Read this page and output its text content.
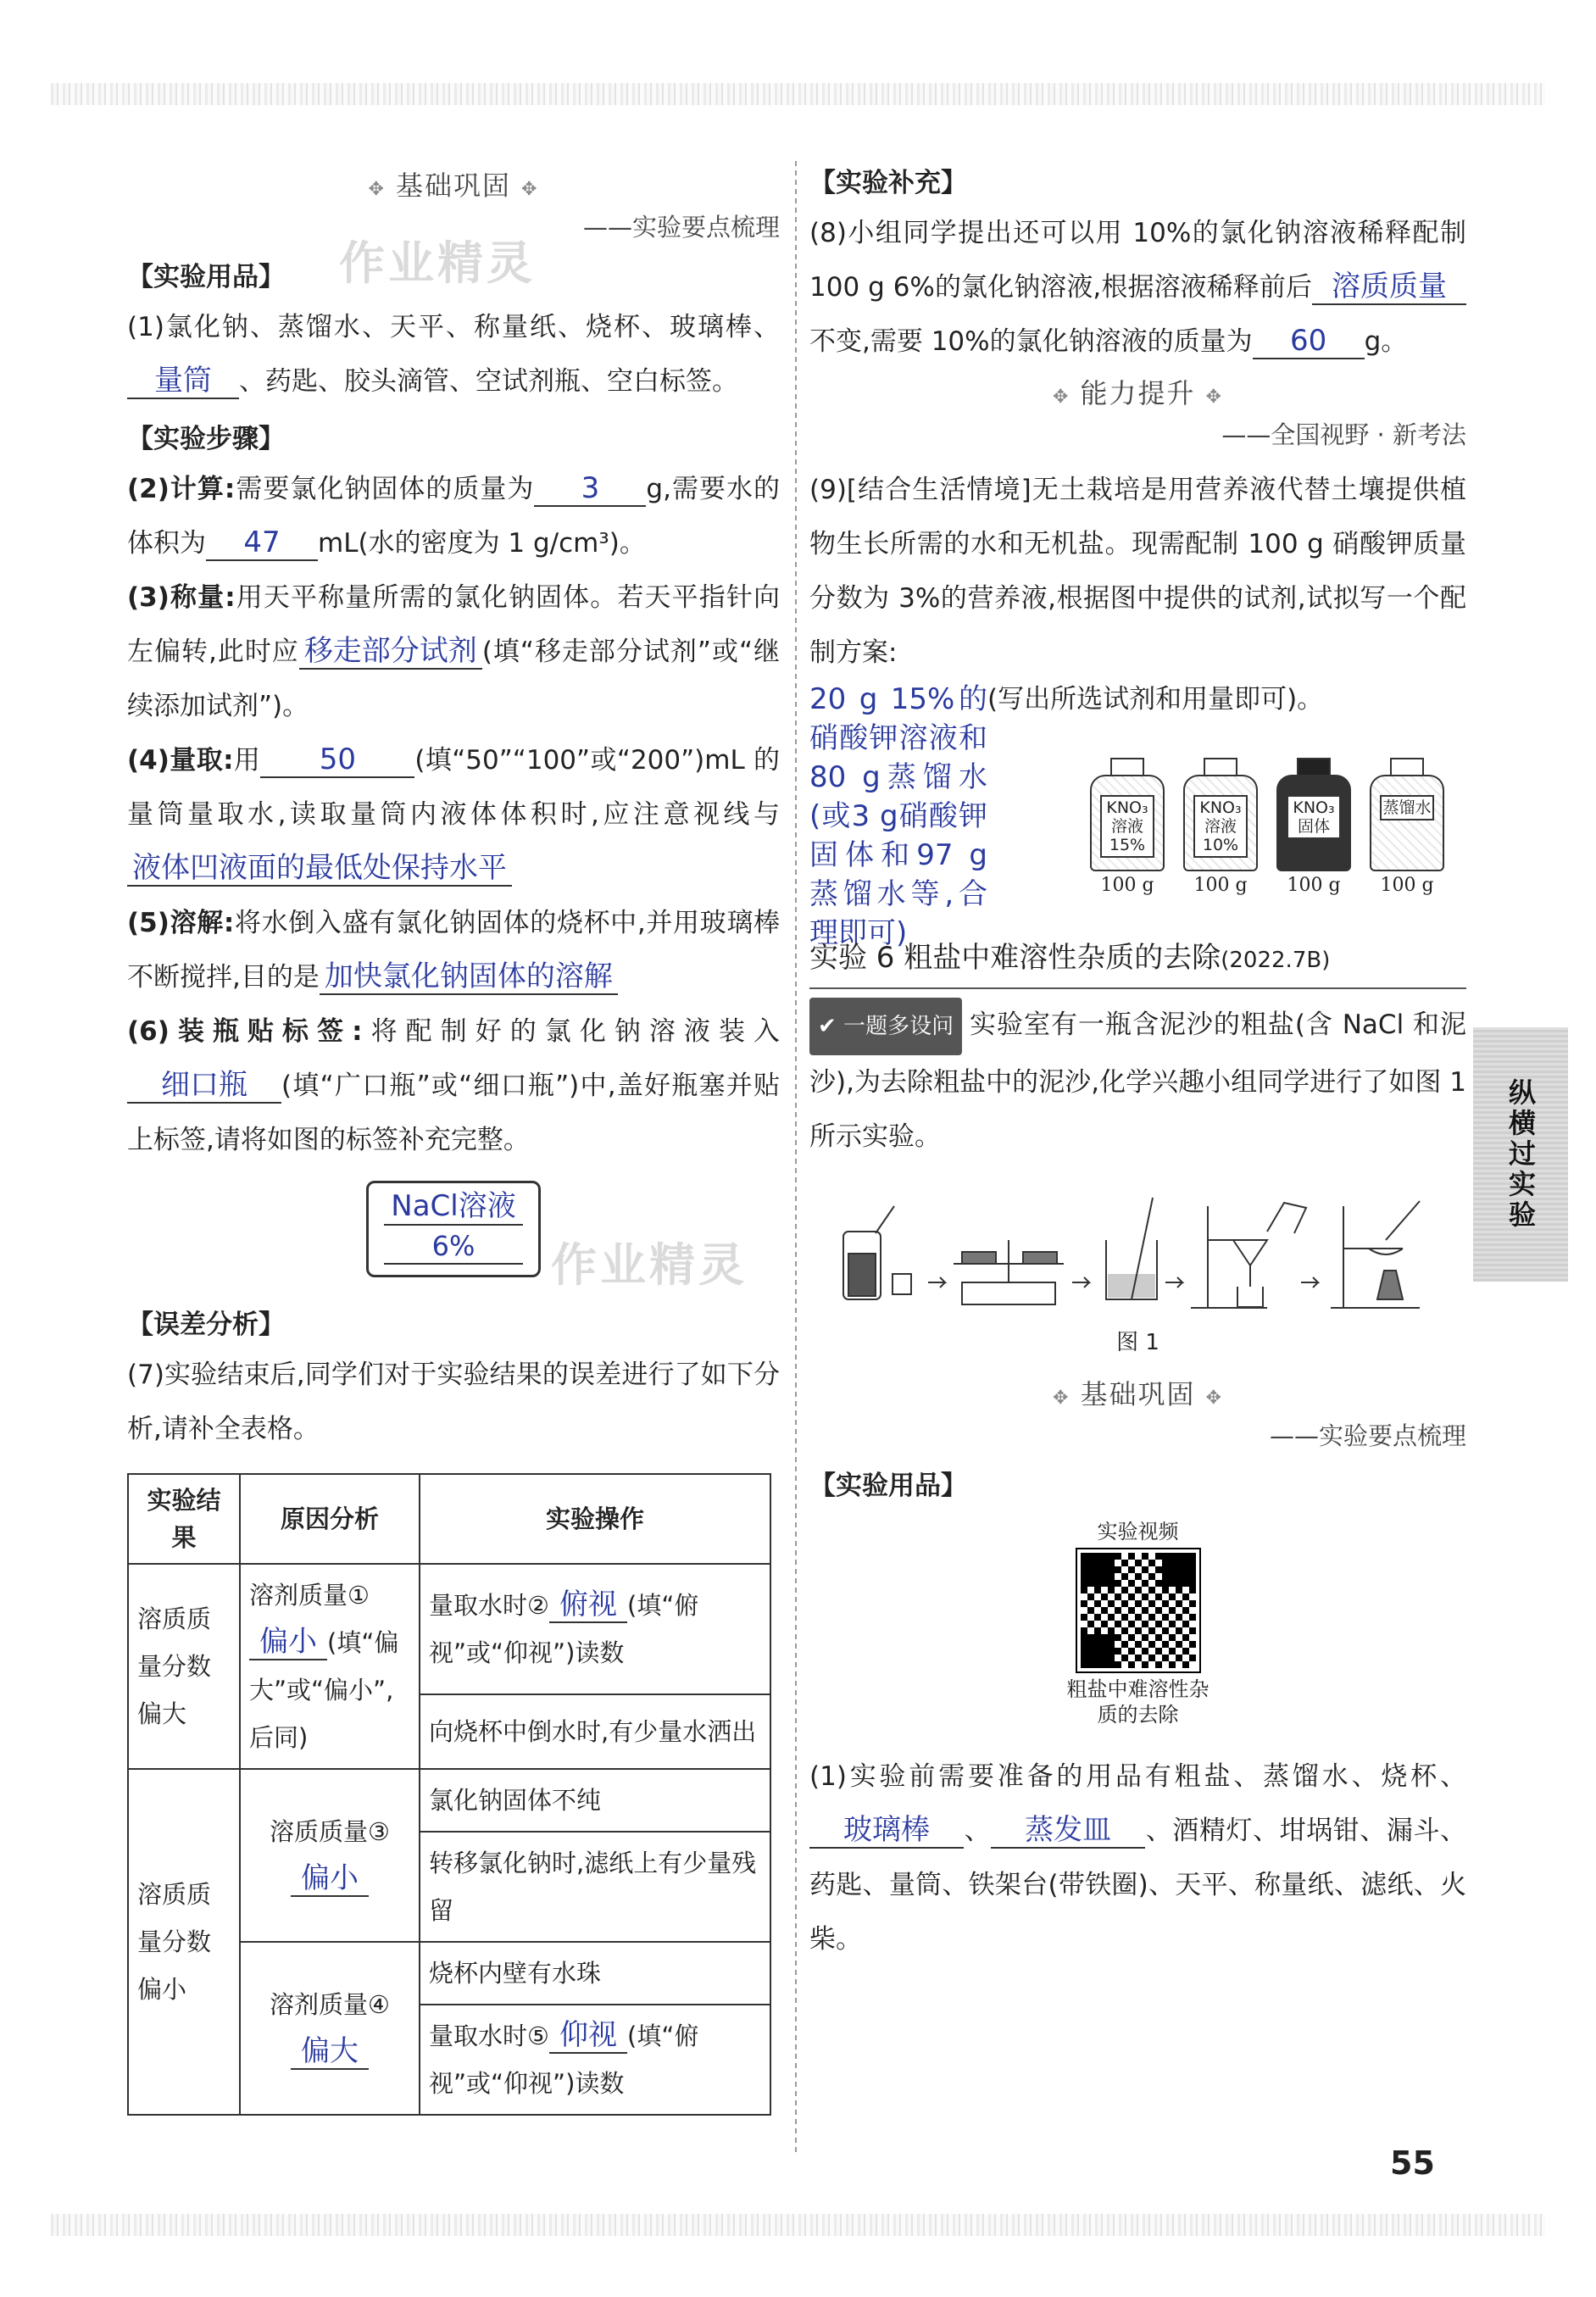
✥ 基础巩固 ✥
——实验要点梳理
【实验用品】

(1)氯化钠、蒸馏水、天平、称量纸、烧杯、玻璃棒、量筒 、药匙、胶头滴管、空试剂瓶、空白标签。

【实验步骤】

(2)计算:需要氯化钠固体的质量为 3 g,需要水的体积为 47 mL(水的密度为 1 g/cm³)。

(3)称量:用天平称量所需的氯化钠固体。若天平指针向左偏转,此时应 移走部分试剂 (填“移走部分试剂”或“继续添加试剂”)。

(4)量取:用 50 (填“50”“100”或“200”)mL 的量筒量取水,读取量筒内液体体积时,应注意视线与液体凹液面的最低处保持水平

(5)溶解:将水倒入盛有氯化钠固体的烧杯中,并用玻璃棒不断搅拌,目的是 加快氯化钠固体的溶解

(6)装瓶贴标签:将配制好的氯化钠溶液装入细口瓶 (填“广口瓶”或“细口瓶”)中,盖好瓶塞并贴上标签,请将如图的标签补充完整。

NaCl溶液
6%
【误差分析】

(7)实验结束后,同学们对于实验结果的误差进行了如下分析,请补全表格。

实验结果	原因分析	实验操作
溶质质量分数偏大	溶剂质量①偏小 (填“偏大”或“偏小”,后同)	量取水时② 俯视 (填“俯视”或“仰视”)读数
		向烧杯中倒水时,有少量水洒出
溶质质量分数偏小	溶质质量③偏小	氯化钠固体不纯
		转移氯化钠时,滤纸上有少量残留
	溶剂质量④偏大	烧杯内壁有水珠
		量取水时⑤ 仰视 (填“俯视”或“仰视”)读数
【实验补充】

(8)小组同学提出还可以用 10%的氯化钠溶液稀释配制 100 g 6%的氯化钠溶液,根据溶液稀释前后 溶质质量不变,需要 10%的氯化钠溶液的质量为 60 g。

✥ 能力提升 ✥
——全国视野 · 新考法

(9)[结合生活情境]无土栽培是用营养液代替土壤提供植物生长所需的水和无机盐。现需配制 100 g 硝酸钾质量分数为 3%的营养液,根据图中提供的试剂,试拟写一个配制方案:

20 g 15%的硝酸钾溶液和80 g蒸馏水(或3 g硝酸钾固体和97 g蒸馏水等,合理即可)(写出所选试剂和用量即可)。

KNO₃溶液15%
100 g
KNO₃溶液10%
100 g
KNO₃固体
100 g
蒸馏水
100 g

实验 6 粗盐中难溶性杂质的去除(2022.7B)

✔ 一题多设问 实验室有一瓶含泥沙的粗盐(含 NaCl 和泥沙),为去除粗盐中的泥沙,化学兴趣小组同学进行了如图 1 所示实验。

图 1
✥ 基础巩固 ✥
——实验要点梳理
【实验用品】
实验视频
粗盐中难溶性杂质的去除

(1)实验前需要准备的用品有粗盐、蒸馏水、烧杯、玻璃棒 、 蒸发皿 、酒精灯、坩埚钳、漏斗、药匙、量筒、铁架台(带铁圈)、天平、称量纸、滤纸、火柴。

纵横过实验
作业精灵
作业精灵
55
